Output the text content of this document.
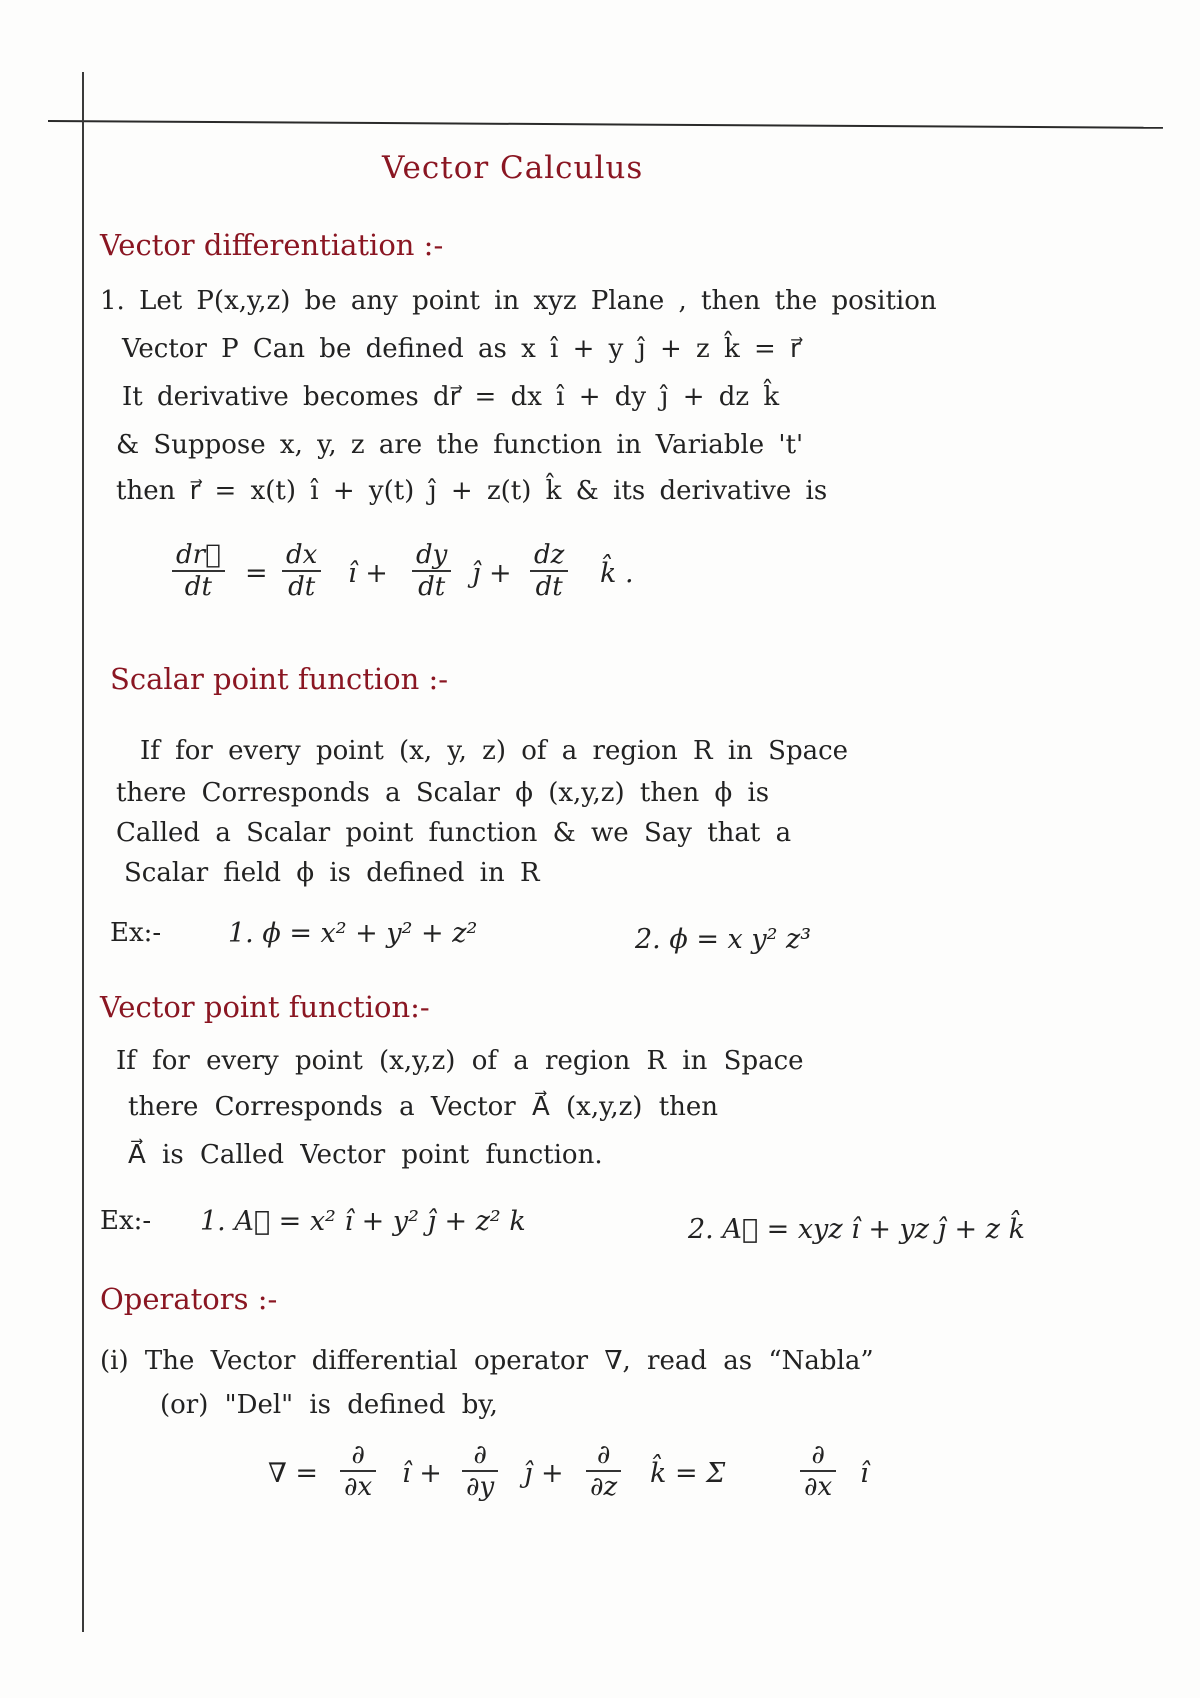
Vector Calculus
Vector differentiation :-
1. Let P(x,y,z) be any point in xyz Plane , then the position
Vector P Can be defined as x î + y ĵ + z k̂ = r⃗
It derivative becomes dr⃗ = dx î + dy ĵ + dz k̂
& Suppose x, y, z are the function in Variable 't'
then r⃗ = x(t) î + y(t) ĵ + z(t) k̂ & its derivative is
$\frac{dr⃗}{dt} = \frac{dx}{dt}$ î + $\frac{dy}{dt}$ ĵ + $\frac{dz}{dt}$ k̂ .
Scalar point function :-
If for every point (x, y, z) of a region R in Space
there Corresponds a Scalar ϕ (x,y,z) then ϕ is
Called a Scalar point function & we Say that a
Scalar field ϕ is defined in R
Ex:- 1. ϕ = x² + y² + z²	2. ϕ = x y² z³
Vector point function:-
If for every point (x,y,z) of a region R in Space
there Corresponds a Vector A⃗ (x,y,z) then
A⃗ is Called Vector point function.
Ex:- 1. A⃗ = x² î + y² ĵ + z² k	2. A⃗ = xyz î + yz ĵ + z k̂
Operators :-
(i) The Vector differential operator ∇, read as “Nabla”
(or) "Del" is defined by,
∇ =
∂
∂x î +
∂
∂y ĵ +
∂
∂z k̂ = Σ
∂
∂x î
